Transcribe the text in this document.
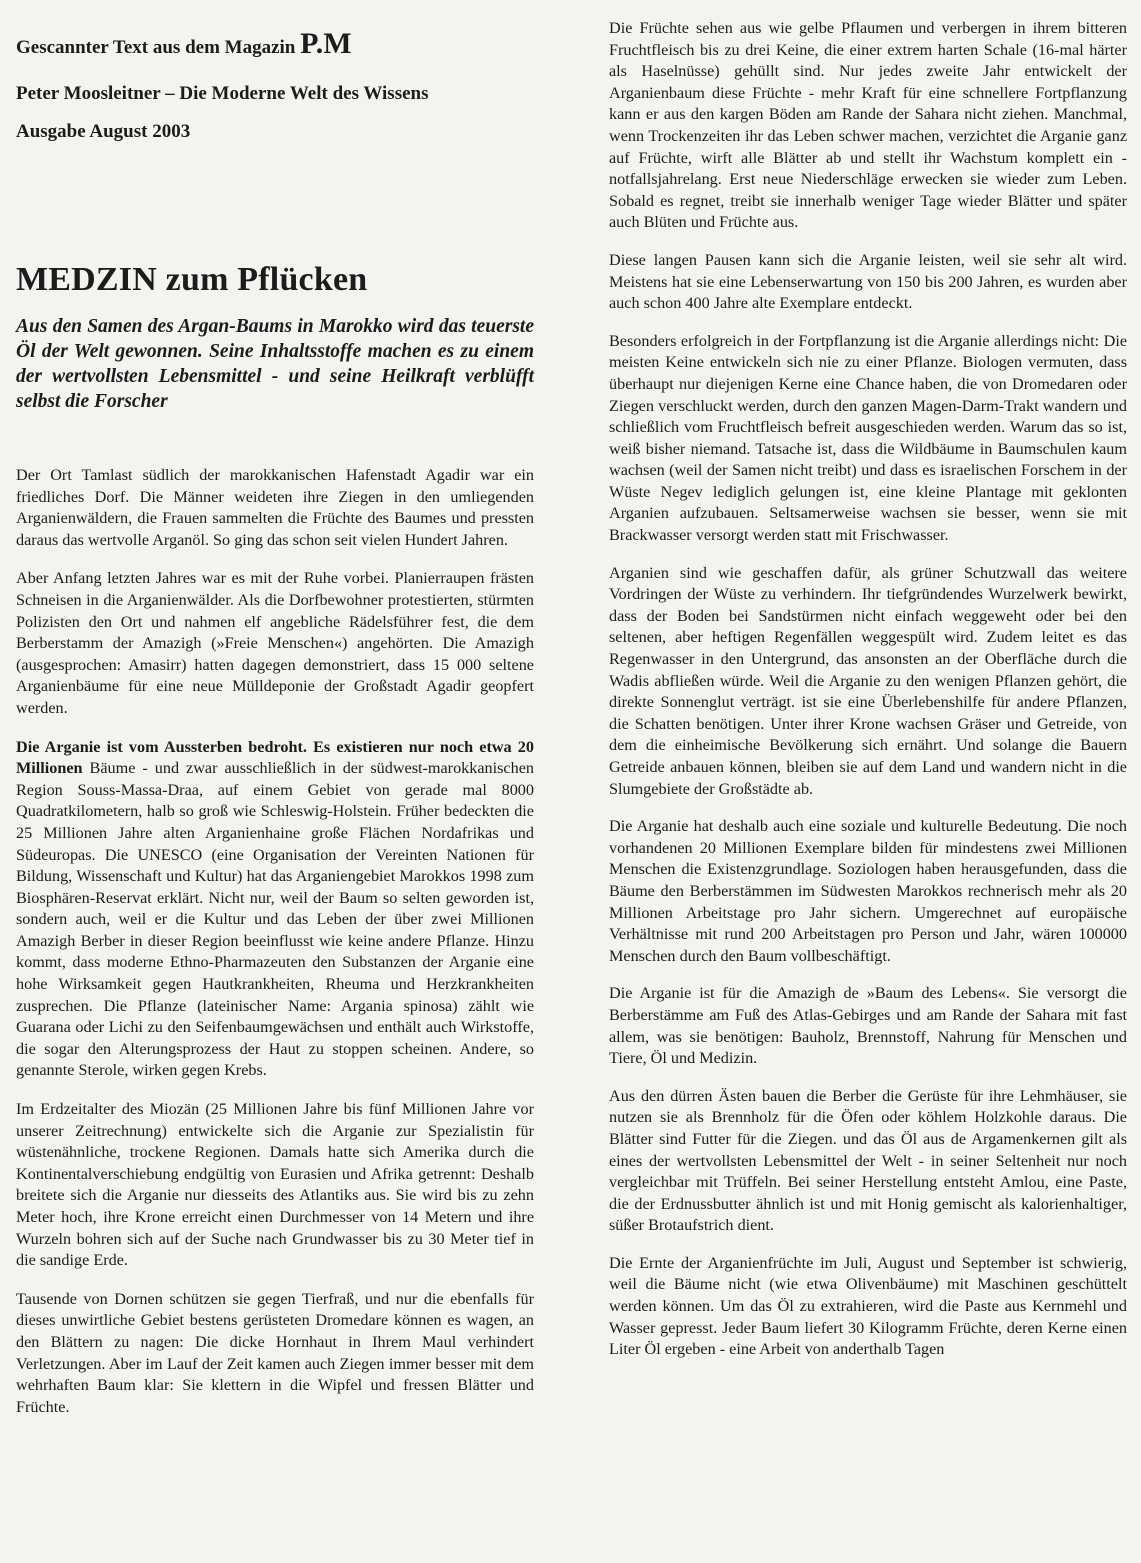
Gescannter Text aus dem Magazin P.M

Peter Moosleitner – Die Moderne Welt des Wissens

Ausgabe August 2003

MEDZIN zum Pflücken

Aus den Samen des Argan-Baums in Marokko wird das teuerste Öl der Welt gewonnen. Seine Inhaltsstoffe machen es zu einem der wertvollsten Lebensmittel - und seine Heilkraft verblüfft selbst die Forscher

Der Ort Tamlast südlich der marokkanischen Hafenstadt Agadir war ein friedliches Dorf. Die Männer weideten ihre Ziegen in den umliegenden Arganienwäldern, die Frauen sammelten die Früchte des Baumes und pressten daraus das wertvolle Arganöl. So ging das schon seit vielen Hundert Jahren.

Aber Anfang letzten Jahres war es mit der Ruhe vorbei. Planierraupen frästen Schneisen in die Arganienwälder. Als die Dorfbewohner protestierten, stürmten Polizisten den Ort und nahmen elf angebliche Rädelsführer fest, die dem Berberstamm der Amazigh (»Freie Menschen«) angehörten. Die Amazigh (ausgesprochen: Amasirr) hatten dagegen demonstriert, dass 15 000 seltene Arganienbäume für eine neue Mülldeponie der Großstadt Agadir geopfert werden.

Die Arganie ist vom Aussterben bedroht. Es existieren nur noch etwa 20 Millionen Bäume - und zwar ausschließlich in der südwest-marokkanischen Region Souss-Massa-Draa, auf einem Gebiet von gerade mal 8000 Quadratkilometern, halb so groß wie Schleswig-Holstein. Früher bedeckten die 25 Millionen Jahre alten Arganienhaine große Flächen Nordafrikas und Südeuropas. Die UNESCO (eine Organisation der Vereinten Nationen für Bildung, Wissenschaft und Kultur) hat das Arganiengebiet Marokkos 1998 zum Biosphären-Reservat erklärt. Nicht nur, weil der Baum so selten geworden ist, sondern auch, weil er die Kultur und das Leben der über zwei Millionen Amazigh Berber in dieser Region beeinflusst wie keine andere Pflanze. Hinzu kommt, dass moderne Ethno-Pharmazeuten den Substanzen der Arganie eine hohe Wirksamkeit gegen Hautkrankheiten, Rheuma und Herzkrankheiten zusprechen. Die Pflanze (lateinischer Name: Argania spinosa) zählt wie Guarana oder Lichi zu den Seifenbaumgewächsen und enthält auch Wirkstoffe, die sogar den Alterungsprozess der Haut zu stoppen scheinen. Andere, so genannte Sterole, wirken gegen Krebs.

Im Erdzeitalter des Miozän (25 Millionen Jahre bis fünf Millionen Jahre vor unserer Zeitrechnung) entwickelte sich die Arganie zur Spezialistin für wüstenähnliche, trockene Regionen. Damals hatte sich Amerika durch die Kontinentalverschiebung endgültig von Eurasien und Afrika getrennt: Deshalb breitete sich die Arganie nur diesseits des Atlantiks aus. Sie wird bis zu zehn Meter hoch, ihre Krone erreicht einen Durchmesser von 14 Metern und ihre Wurzeln bohren sich auf der Suche nach Grundwasser bis zu 30 Meter tief in die sandige Erde.

Tausende von Dornen schützen sie gegen Tierfraß, und nur die ebenfalls für dieses unwirtliche Gebiet bestens gerüsteten Dromedare können es wagen, an den Blättern zu nagen: Die dicke Hornhaut in Ihrem Maul verhindert Verletzungen. Aber im Lauf der Zeit kamen auch Ziegen immer besser mit dem wehrhaften Baum klar: Sie klettern in die Wipfel und fressen Blätter und Früchte.

Die Früchte sehen aus wie gelbe Pflaumen und verbergen in ihrem bitteren Fruchtfleisch bis zu drei Keine, die einer extrem harten Schale (16-mal härter als Haselnüsse) gehüllt sind. Nur jedes zweite Jahr entwickelt der Arganienbaum diese Früchte - mehr Kraft für eine schnellere Fortpflanzung kann er aus den kargen Böden am Rande der Sahara nicht ziehen. Manchmal, wenn Trockenzeiten ihr das Leben schwer machen, verzichtet die Arganie ganz auf Früchte, wirft alle Blätter ab und stellt ihr Wachstum komplett ein - notfallsjahrelang. Erst neue Niederschläge erwecken sie wieder zum Leben. Sobald es regnet, treibt sie innerhalb weniger Tage wieder Blätter und später auch Blüten und Früchte aus.

Diese langen Pausen kann sich die Arganie leisten, weil sie sehr alt wird. Meistens hat sie eine Lebenserwartung von 150 bis 200 Jahren, es wurden aber auch schon 400 Jahre alte Exemplare entdeckt.

Besonders erfolgreich in der Fortpflanzung ist die Arganie allerdings nicht: Die meisten Keine entwickeln sich nie zu einer Pflanze. Biologen vermuten, dass überhaupt nur diejenigen Kerne eine Chance haben, die von Dromedaren oder Ziegen verschluckt werden, durch den ganzen Magen-Darm-Trakt wandern und schließlich vom Fruchtfleisch befreit ausgeschieden werden. Warum das so ist, weiß bisher niemand. Tatsache ist, dass die Wildbäume in Baumschulen kaum wachsen (weil der Samen nicht treibt) und dass es israelischen Forschem in der Wüste Negev lediglich gelungen ist, eine kleine Plantage mit geklonten Arganien aufzubauen. Seltsamerweise wachsen sie besser, wenn sie mit Brackwasser versorgt werden statt mit Frischwasser.

Arganien sind wie geschaffen dafür, als grüner Schutzwall das weitere Vordringen der Wüste zu verhindern. Ihr tiefgründendes Wurzelwerk bewirkt, dass der Boden bei Sandstürmen nicht einfach weggeweht oder bei den seltenen, aber heftigen Regenfällen weggespült wird. Zudem leitet es das Regenwasser in den Untergrund, das ansonsten an der Oberfläche durch die Wadis abfließen würde. Weil die Arganie zu den wenigen Pflanzen gehört, die direkte Sonnenglut verträgt. ist sie eine Überlebenshilfe für andere Pflanzen, die Schatten benötigen. Unter ihrer Krone wachsen Gräser und Getreide, von dem die einheimische Bevölkerung sich ernährt. Und solange die Bauern Getreide anbauen können, bleiben sie auf dem Land und wandern nicht in die Slumgebiete der Großstädte ab.

Die Arganie hat deshalb auch eine soziale und kulturelle Bedeutung. Die noch vorhandenen 20 Millionen Exemplare bilden für mindestens zwei Millionen Menschen die Existenzgrundlage. Soziologen haben herausgefunden, dass die Bäume den Berberstämmen im Südwesten Marokkos rechnerisch mehr als 20 Millionen Arbeitstage pro Jahr sichern. Umgerechnet auf europäische Verhältnisse mit rund 200 Arbeitstagen pro Person und Jahr, wären 100000 Menschen durch den Baum vollbeschäftigt.

Die Arganie ist für die Amazigh de »Baum des Lebens«. Sie versorgt die Berberstämme am Fuß des Atlas-Gebirges und am Rande der Sahara mit fast allem, was sie benötigen: Bauholz, Brennstoff, Nahrung für Menschen und Tiere, Öl und Medizin.

Aus den dürren Ästen bauen die Berber die Gerüste für ihre Lehmhäuser, sie nutzen sie als Brennholz für die Öfen oder köhlem Holzkohle daraus. Die Blätter sind Futter für die Ziegen. und das Öl aus de Argamenkernen gilt als eines der wertvollsten Lebensmittel der Welt - in seiner Seltenheit nur noch vergleichbar mit Trüffeln. Bei seiner Herstellung entsteht Amlou, eine Paste, die der Erdnussbutter ähnlich ist und mit Honig gemischt als kalorienhaltiger, süßer Brotaufstrich dient.

Die Ernte der Arganienfrüchte im Juli, August und September ist schwierig, weil die Bäume nicht (wie etwa Olivenbäume) mit Maschinen geschüttelt werden können. Um das Öl zu extrahieren, wird die Paste aus Kernmehl und Wasser gepresst. Jeder Baum liefert 30 Kilogramm Früchte, deren Kerne einen Liter Öl ergeben - eine Arbeit von anderthalb Tagen
